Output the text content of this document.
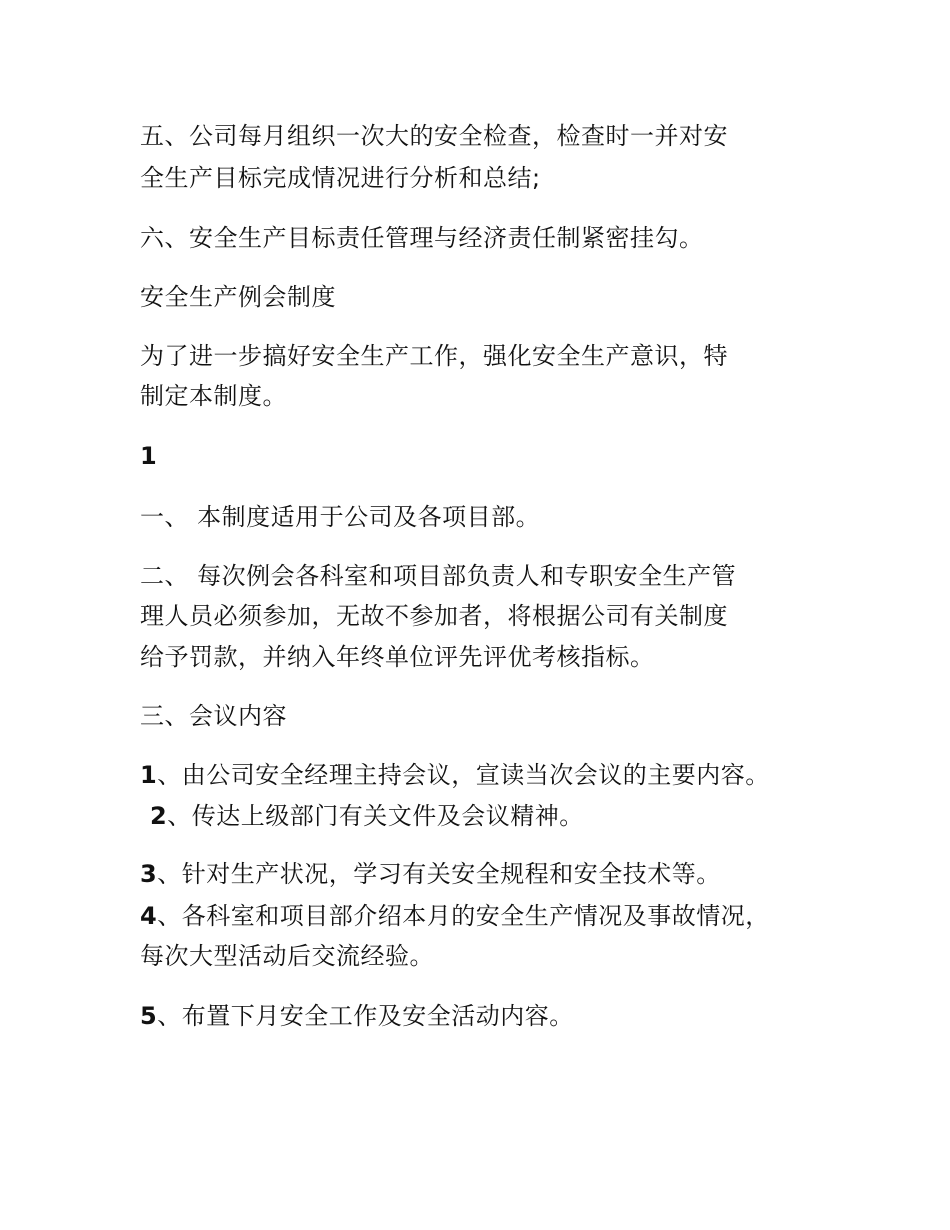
五、公司每月组织一次大的安全检查，检查时一并对安
全生产目标完成情况进行分析和总结;
六、安全生产目标责任管理与经济责任制紧密挂勾。
安全生产例会制度
为了进一步搞好安全生产工作，强化安全生产意识，特
制定本制度。
1
一、 本制度适用于公司及各项目部。
二、 每次例会各科室和项目部负责人和专职安全生产管
理人员必须参加，无故不参加者，将根据公司有关制度
给予罚款，并纳入年终单位评先评优考核指标。
三、会议内容
1、由公司安全经理主持会议，宣读当次会议的主要内容。
2、传达上级部门有关文件及会议精神。
3、针对生产状况，学习有关安全规程和安全技术等。
4、各科室和项目部介绍本月的安全生产情况及事故情况，
每次大型活动后交流经验。
5、布置下月安全工作及安全活动内容。
